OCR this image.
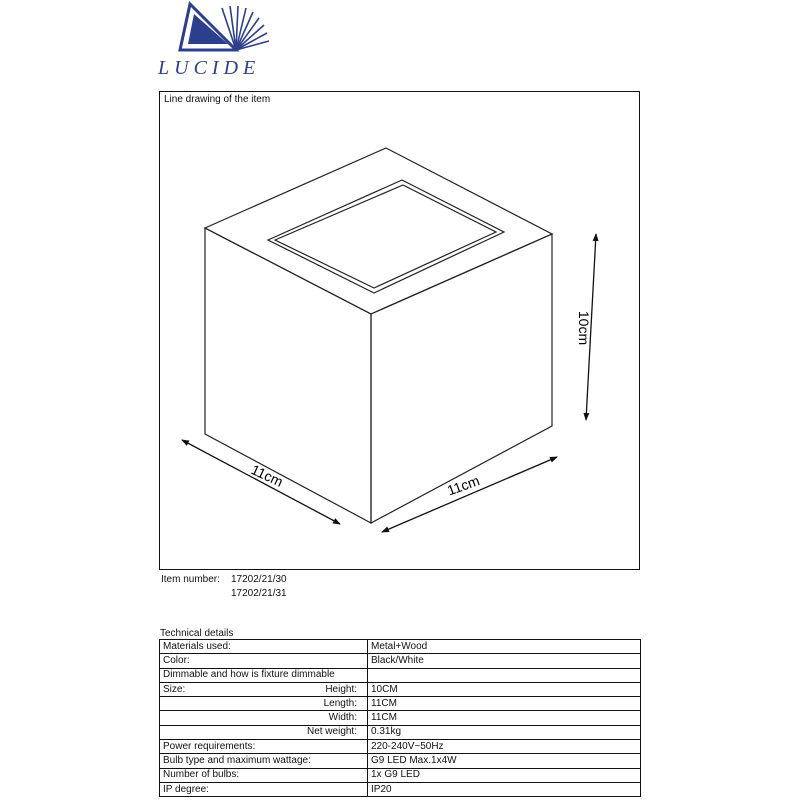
LUCIDE
Line drawing of the item
10cm
11cm	11cm
Item number: 17202/21/30
17202/21/31
Technical details
Materials used:		Metal+Wood
Color:		Black/White
Dimmable and how is fixture dimmable		
Size:	Height:	10CM
	Length:	11CM
	Width:	11CM
	Net weight:	0.31kg
Power requirements:		220-240V~50Hz
Bulb type and maximum wattage:		G9 LED Max.1x4W
Number of bulbs:		1x G9 LED
IP degree:		IP20
